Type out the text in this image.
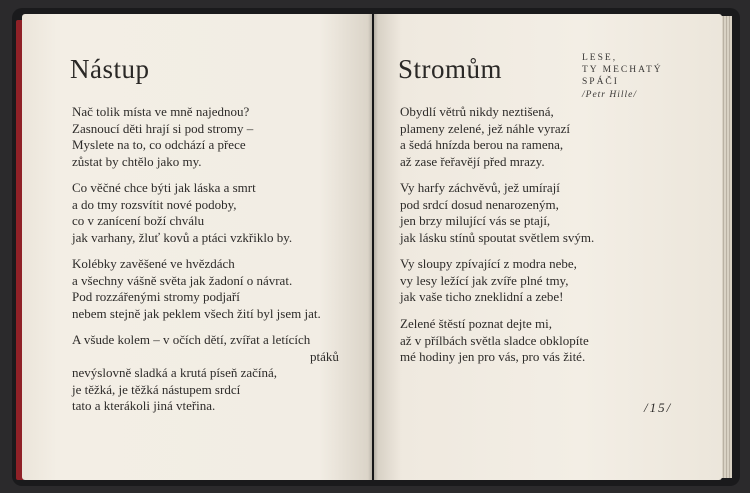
Nástup
Nač tolik místa ve mně najednou?
Zasnoucí děti hrají si pod stromy –
Myslete na to, co odchází a přece
zůstat by chtělo jako my.
Co věčné chce býti jak láska a smrt
a do tmy rozsvítit nové podoby,
co v zanícení boží chválu
jak varhany, žluť kovů a ptáci vzkřiklo by.
Kolébky zavěšené ve hvězdách
a všechny vášně světa jak žadoní o návrat.
Pod rozzářenými stromy podjaří
nebem stejně jak peklem všech žití byl jsem jat.
A všude kolem – v očích dětí, zvířat a letících
ptáků
nevýslovně sladká a krutá píseň začíná,
je těžká, je těžká nástupem srdcí
tato a kterákoli jiná vteřina.
Stromům	LESE,
TY MECHATÝ
SPÁČI
/Petr Hille/
Obydlí větrů nikdy neztišená,
plameny zelené, jež náhle vyrazí
a šedá hnízda berou na ramena,
až zase řeřavějí před mrazy.
Vy harfy záchvěvů, jež umírají
pod srdcí dosud nenarozeným,
jen brzy milující vás se ptají,
jak lásku stínů spoutat světlem svým.
Vy sloupy zpívající z modra nebe,
vy lesy ležící jak zvíře plné tmy,
jak vaše ticho zneklidní a zebe!
Zelené štěstí poznat dejte mi,
až v přílbách světla sladce obklopíte
mé hodiny jen pro vás, pro vás žité.
/15/
